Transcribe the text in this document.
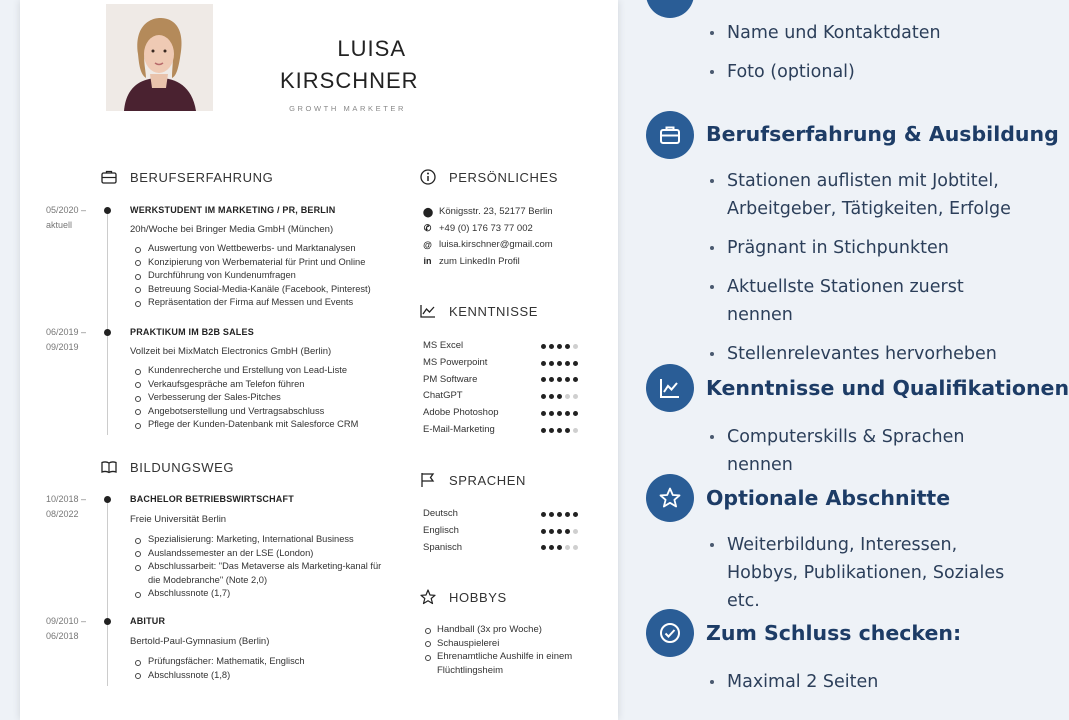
LUISA
KIRSCHNER
GROWTH MARKETER
BERUFSERFAHRUNG
05/2020 –
aktuell
WERKSTUDENT IM MARKETING / PR, BERLIN
20h/Woche bei Bringer Media GmbH (München)
Auswertung von Wettbewerbs- und Marktanalysen
Konzipierung von Werbematerial für Print und Online
Durchführung von Kundenumfragen
Betreuung Social-Media-Kanäle (Facebook, Pinterest)
Repräsentation der Firma auf Messen und Events
06/2019 –
09/2019
PRAKTIKUM IM B2B SALES
Vollzeit bei MixMatch Electronics GmbH (Berlin)
Kundenrecherche und Erstellung von Lead-Liste
Verkaufsgespräche am Telefon führen
Verbesserung der Sales-Pitches
Angebotserstellung und Vertragsabschluss
Pflege der Kunden-Datenbank mit Salesforce CRM
BILDUNGSWEG
10/2018 –
08/2022
BACHELOR BETRIEBSWIRTSCHAFT
Freie Universität Berlin
Spezialisierung: Marketing, International Business
Auslandssemester an der LSE (London)
Abschlussarbeit: "Das Metaverse als Marketing-kanal für die Modebranche" (Note 2,0)
Abschlussnote (1,7)
09/2010 –
06/2018
ABITUR
Bertold-Paul-Gymnasium (Berlin)
Prüfungsfächer: Mathematik, Englisch
Abschlussnote (1,8)
PERSÖNLICHES
⬤ Königsstr. 23, 52177 Berlin
✆ +49 (0) 176 73 77 002
@ luisa.kirschner@gmail.com
in zum LinkedIn Profil
KENNTNISSE
MS Excel
MS Powerpoint
PM Software
ChatGPT
Adobe Photoshop
E-Mail-Marketing
SPRACHEN
Deutsch
Englisch
Spanisch
HOBBYS
Handball (3x pro Woche)
Schauspielerei
Ehrenamtliche Aushilfe in einem Flüchtlingsheim
Name und Kontaktdaten
Foto (optional)
Berufserfahrung & Ausbildung
Stationen auflisten mit Jobtitel, Arbeitgeber, Tätigkeiten, Erfolge
Prägnant in Stichpunkten
Aktuellste Stationen zuerst nennen
Stellenrelevantes hervorheben
Kenntnisse und Qualifikationen
Computerskills & Sprachen nennen
Optionale Abschnitte
Weiterbildung, Interessen, Hobbys, Publikationen, Soziales etc.
Zum Schluss checken:
Maximal 2 Seiten
